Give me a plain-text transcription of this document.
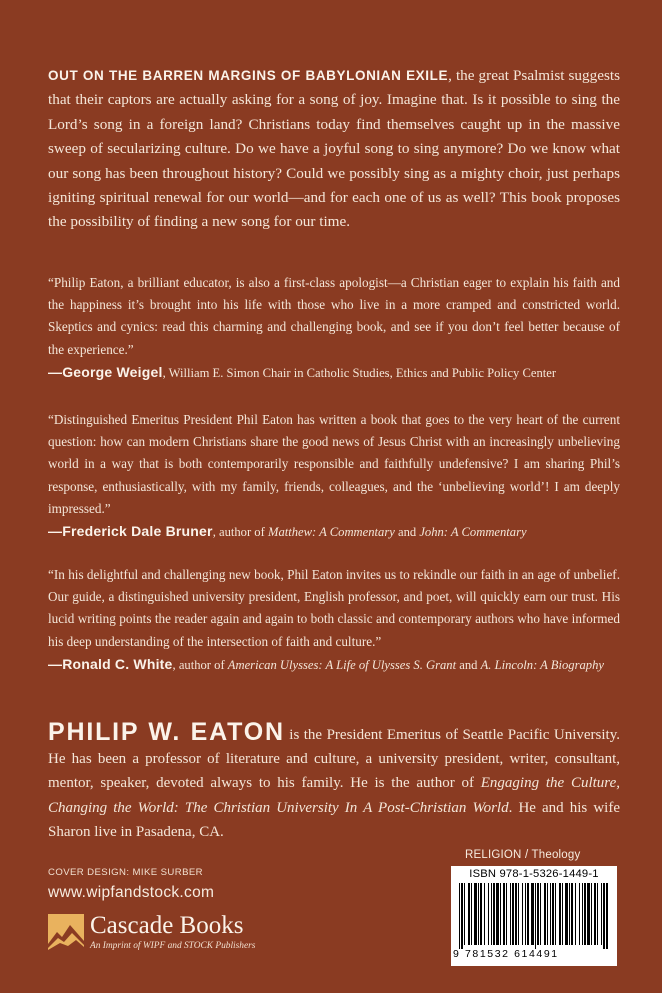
OUT ON THE BARREN MARGINS OF BABYLONIAN EXILE, the great Psalmist suggests that their captors are actually asking for a song of joy. Imagine that. Is it possible to sing the Lord’s song in a foreign land? Christians today find themselves caught up in the massive sweep of secularizing culture. Do we have a joyful song to sing anymore? Do we know what our song has been throughout history? Could we possibly sing as a mighty choir, just perhaps igniting spiritual renewal for our world—and for each one of us as well? This book proposes the possibility of finding a new song for our time.

“Philip Eaton, a brilliant educator, is also a first-class apologist—a Christian eager to explain his faith and the happiness it’s brought into his life with those who live in a more cramped and constricted world. Skeptics and cynics: read this charming and challenging book, and see if you don’t feel better because of the experience.”

—George Weigel, William E. Simon Chair in Catholic Studies, Ethics and Public Policy Center

“Distinguished Emeritus President Phil Eaton has written a book that goes to the very heart of the current question: how can modern Christians share the good news of Jesus Christ with an increasingly unbelieving world in a way that is both contemporarily responsible and faithfully undefensive? I am sharing Phil’s response, enthusiastically, with my family, friends, colleagues, and the ‘unbelieving world’! I am deeply impressed.”

—Frederick Dale Bruner, author of Matthew: A Commentary and John: A Commentary

“In his delightful and challenging new book, Phil Eaton invites us to rekindle our faith in an age of unbelief. Our guide, a distinguished university president, English professor, and poet, will quickly earn our trust. His lucid writing points the reader again and again to both classic and contemporary authors who have informed his deep understanding of the intersection of faith and culture.”

—Ronald C. White, author of American Ulysses: A Life of Ulysses S. Grant and A. Lincoln: A Biography
PHILIP W. EATON is the President Emeritus of Seattle Pacific University. He has been a professor of literature and culture, a university president, writer, consultant, mentor, speaker, devoted always to his family. He is the author of Engaging the Culture, Changing the World: The Christian University In A Post-Christian World. He and his wife Sharon live in Pasadena, CA.
COVER DESIGN: MIKE SURBER
www.wipfandstock.com
Cascade Books
An Imprint of WIPF and STOCK Publishers
RELIGION / Theology
ISBN 978-1-5326-1449-1
9 781532 614491
